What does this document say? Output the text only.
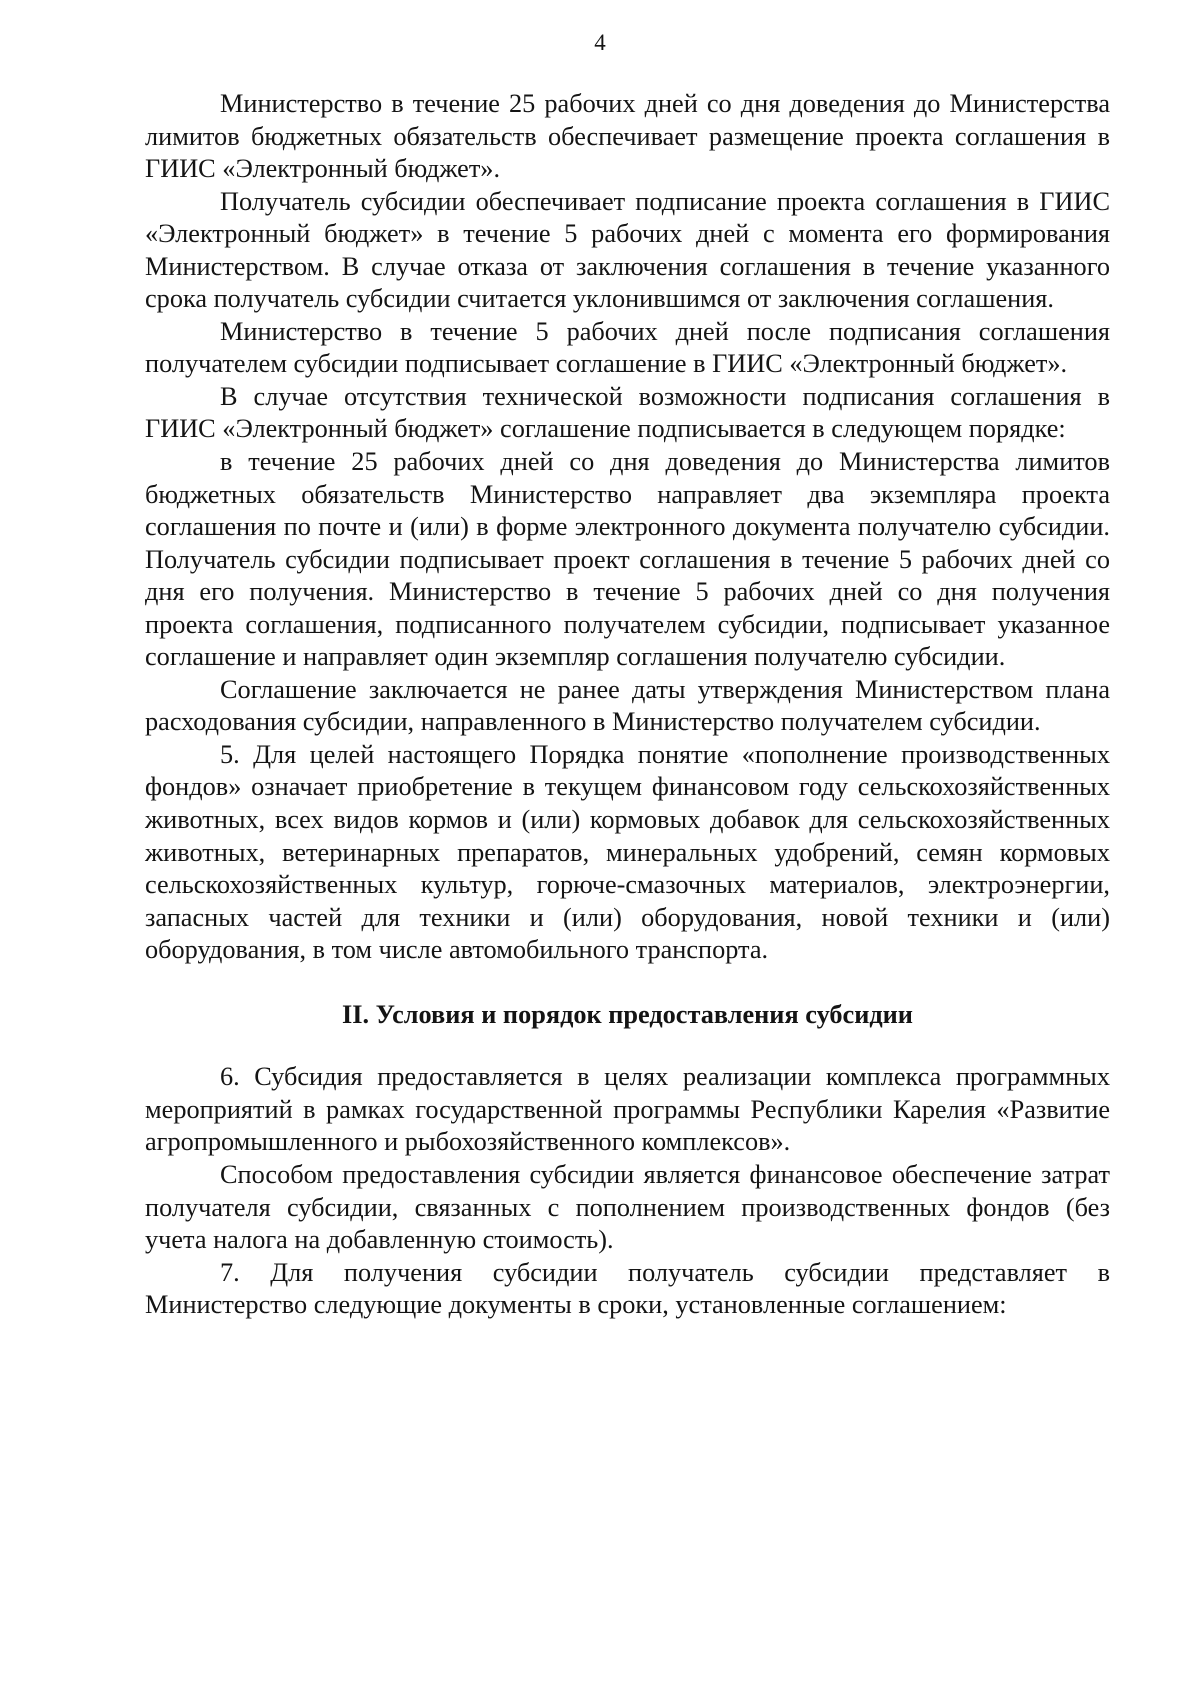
4

Министерство в течение 25 рабочих дней со дня доведения до Министерства лимитов бюджетных обязательств обеспечивает размещение проекта соглашения в ГИИС «Электронный бюджет».

Получатель субсидии обеспечивает подписание проекта соглашения в ГИИС «Электронный бюджет» в течение 5 рабочих дней с момента его формирования Министерством. В случае отказа от заключения соглашения в течение указанного срока получатель субсидии считается уклонившимся от заключения соглашения.

Министерство в течение 5 рабочих дней после подписания соглашения получателем субсидии подписывает соглашение в ГИИС «Электронный бюджет».

В случае отсутствия технической возможности подписания соглашения в ГИИС «Электронный бюджет» соглашение подписывается в следующем порядке:

в течение 25 рабочих дней со дня доведения до Министерства лимитов бюджетных обязательств Министерство направляет два экземпляра проекта соглашения по почте и (или) в форме электронного документа получателю субсидии. Получатель субсидии подписывает проект соглашения в течение 5 рабочих дней со дня его получения. Министерство в течение 5 рабочих дней со дня получения проекта соглашения, подписанного получателем субсидии, подписывает указанное соглашение и направляет один экземпляр соглашения получателю субсидии.

Соглашение заключается не ранее даты утверждения Министерством плана расходования субсидии, направленного в Министерство получателем субсидии.

5. Для целей настоящего Порядка понятие «пополнение производственных фондов» означает приобретение в текущем финансовом году сельскохозяйственных животных, всех видов кормов и (или) кормовых добавок для сельскохозяйственных животных, ветеринарных препаратов, минеральных удобрений, семян кормовых сельскохозяйственных культур, горюче-смазочных материалов, электроэнергии, запасных частей для техники и (или) оборудования, новой техники и (или) оборудования, в том числе автомобильного транспорта.

II. Условия и порядок предоставления субсидии

6. Субсидия предоставляется в целях реализации комплекса программных мероприятий в рамках государственной программы Республики Карелия «Развитие агропромышленного и рыбохозяйственного комплексов».

Способом предоставления субсидии является финансовое обеспечение затрат получателя субсидии, связанных с пополнением производственных фондов (без учета налога на добавленную стоимость).

7. Для получения субсидии получатель субсидии представляет в Министерство следующие документы в сроки, установленные соглашением:
